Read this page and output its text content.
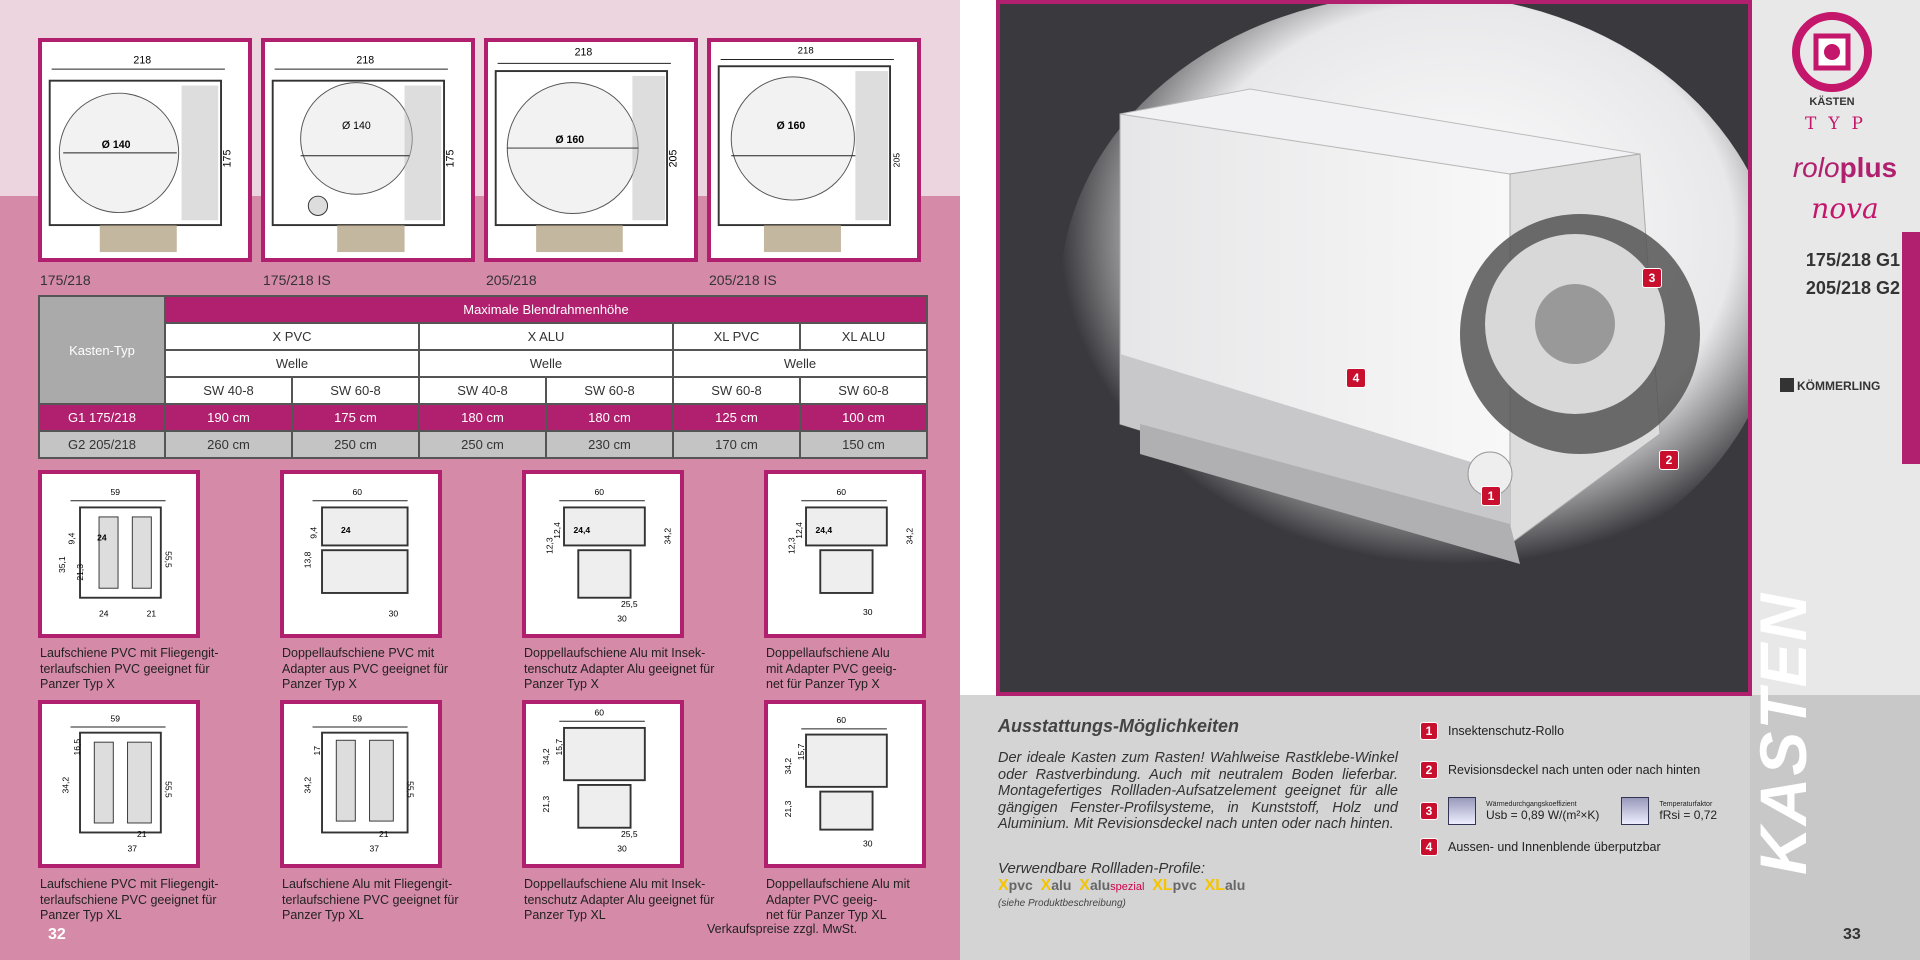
218
Ø 140
175
218
Ø 140
175
218
Ø 160
205
218
Ø 160
205
175/218	175/218 IS	205/218	205/218 IS
Kasten-Typ	Maximale Blendrahmenhöhe					
	X PVC		X ALU		XL PVC	XL ALU
	Welle		Welle		Welle	
	SW 40-8	SW 60-8	SW 40-8	SW 60-8	SW 60-8	SW 60-8
G1 175/218	190 cm	175 cm	180 cm	180 cm	125 cm	100 cm
G2 205/218	260 cm	250 cm	250 cm	230 cm	170 cm	150 cm
59
24
35,1 21,3
55,5
24	21
9,4
60
24
13,8
30
9,4
60
24,4
12,3
34,2
25,5
30
12,4
60
24,4
12,3
34,2
30
12,4
Laufschiene PVC mit Fliegengit-
terlaufschien PVC geeignet für
Panzer Typ X
Doppellaufschiene PVC mit
Adapter aus PVC geeignet für
Panzer Typ X
Doppellaufschiene Alu mit Insek-
tenschutz Adapter Alu geeignet für
Panzer Typ X
Doppellaufschiene Alu
mit Adapter PVC geeig-
net für Panzer Typ X
59
16,5
34,2	55,5
21
37
59
17
34,2	55,5
21
37
60
15,7
34,2
21,3
25,5
30
60
15,7
34,2
21,3
30
Laufschiene PVC mit Fliegengit-
terlaufschiene PVC geeignet für
Panzer Typ XL
Laufschiene Alu mit Fliegengit-
terlaufschiene PVC geeignet für
Panzer Typ XL
Doppellaufschiene Alu mit Insek-
tenschutz Adapter Alu geeignet für
Panzer Typ XL
Doppellaufschiene Alu mit
Adapter PVC geeig-
net für Panzer Typ XL
32	Verkaufspreise zzgl. MwSt.
4
3
2
1
KÄSTEN
TYP
roloplus
nova
175/218 G1
205/218 G2
KÖMMERLING
KASTEN
33
Ausstattungs-Möglichkeiten
Der ideale Kasten zum Rasten! Wahlweise Rastklebe-Winkel oder Rastverbindung. Auch mit neutralem Boden lieferbar. Montagefertiges Rollladen-Aufsatzelement geeignet für alle gängigen Fenster-Profilsysteme, in Kunststoff, Holz und Aluminium. Mit Revisionsdeckel nach unten oder nach hinten.
Verwendbare Rollladen-Profile:
Xpvc Xalu Xaluspezial XLpvc XLalu
(siehe Produktbeschreibung)
1	Insektenschutz-Rollo
2	Revisionsdeckel nach unten oder nach hinten
3	Wärmedurchgangskoeffizient
Usb = 0,89 W/(m²×K)
Temperaturfaktor
fRsi = 0,72
4	Aussen- und Innenblende überputzbar
